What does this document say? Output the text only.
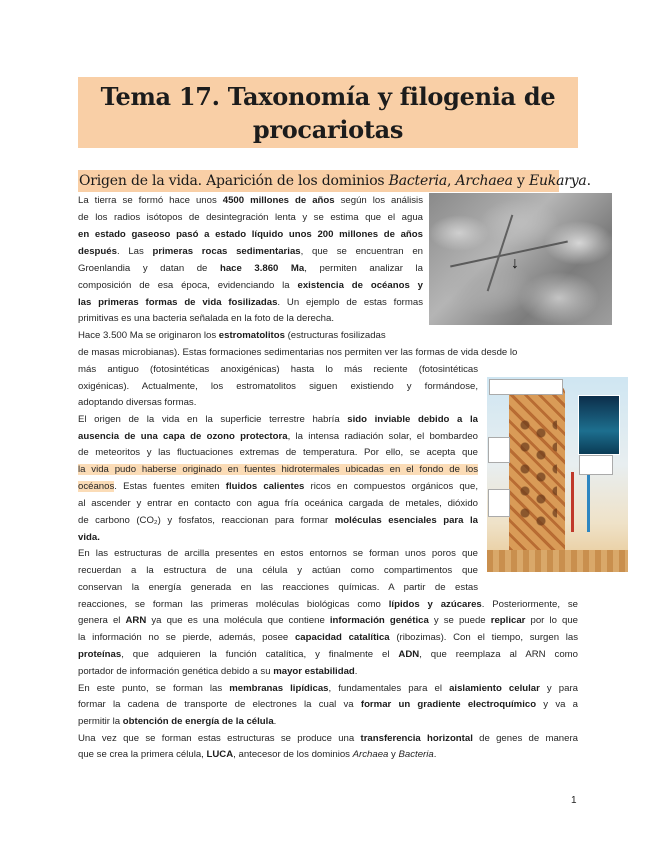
Tema 17. Taxonomía y filogenia de
procariotas
Origen de la vida. Aparición de los dominios Bacteria, Archaea y Eukarya.
↓
La tierra se formó hace unos 4500 millones de años según los análisis
de los radios isótopos de desintegración lenta y se estima que el agua
en estado gaseoso pasó a estado líquido unos 200 millones de años
después. Las primeras rocas sedimentarias, que se encuentran en
Groenlandia y datan de hace 3.860 Ma, permiten analizar la
composición de esa época, evidenciando la existencia de océanos y
las primeras formas de vida fosilizadas. Un ejemplo de estas formas
primitivas es una bacteria señalada en la foto de la derecha.
Hace 3.500 Ma se originaron los estromatolitos (estructuras fosilizadas
de masas microbianas). Estas formaciones sedimentarias nos permiten ver las formas de vida desde lo
más antiguo (fotosintéticas anoxigénicas) hasta lo más reciente (fotosintéticas
oxigénicas). Actualmente, los estromatolitos siguen existiendo y formándose,
adoptando diversas formas.
El origen de la vida en la superficie terrestre habría sido inviable debido a la
ausencia de una capa de ozono protectora, la intensa radiación solar, el bombardeo
de meteoritos y las fluctuaciones extremas de temperatura. Por ello, se acepta que
la vida pudo haberse originado en fuentes hidrotermales ubicadas en el fondo de los
océanos. Estas fuentes emiten fluidos calientes ricos en compuestos orgánicos que,
al ascender y entrar en contacto con agua fría oceánica cargada de metales, dióxido
de carbono (CO₂) y fosfatos, reaccionan para formar moléculas esenciales para la
vida.
En las estructuras de arcilla presentes en estos entornos se forman unos poros que
recuerdan a la estructura de una célula y actúan como compartimentos que
conservan la energía generada en las reacciones químicas. A partir de estas
reacciones, se forman las primeras moléculas biológicas como lípidos y azúcares. Posteriormente, se
genera el ARN ya que es una molécula que contiene información genética y se puede replicar por lo que
la información no se pierde, además, posee capacidad catalítica (ribozimas). Con el tiempo, surgen las
proteínas, que adquieren la función catalítica, y finalmente el ADN, que reemplaza al ARN como
portador de información genética debido a su mayor estabilidad.
En este punto, se forman las membranas lipídicas, fundamentales para el aislamiento celular y para
formar la cadena de transporte de electrones la cual va formar un gradiente electroquímico y va a
permitir la obtención de energía de la célula.
Una vez que se forman estas estructuras se produce una transferencia horizontal de genes de manera
que se crea la primera célula, LUCA, antecesor de los dominios Archaea y Bacteria.
1
